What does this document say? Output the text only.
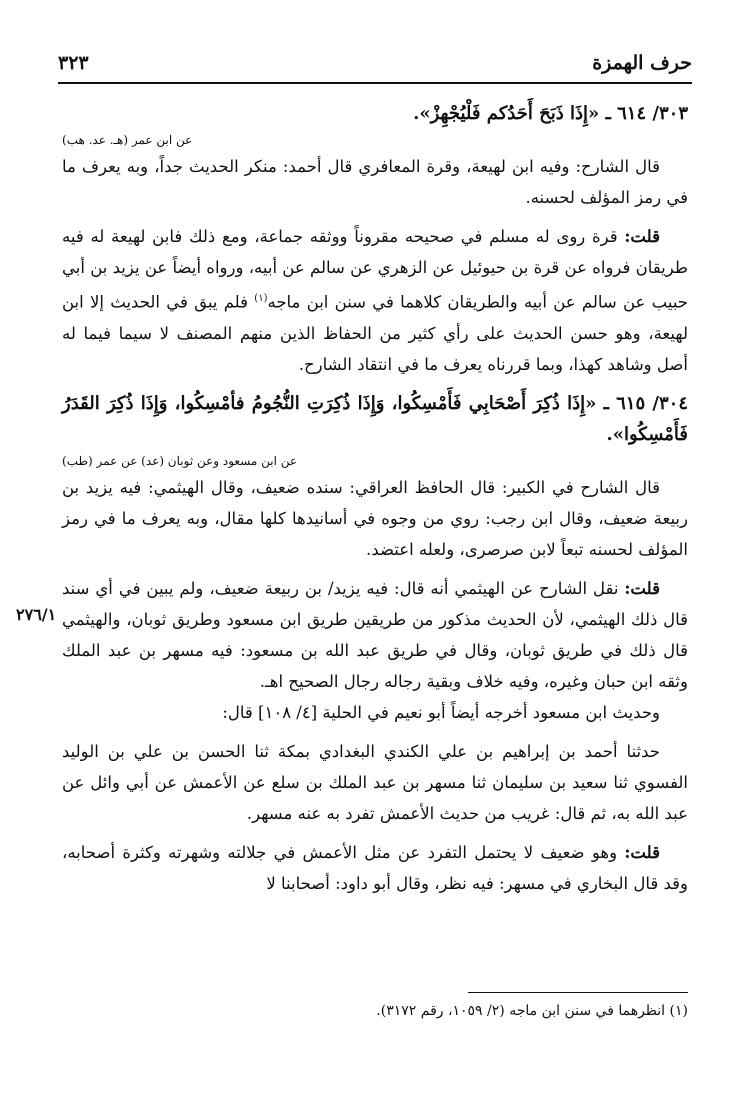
حرف الهمزة
٣٢٣
٢٧٦/١

٣٠٣/ ٦١٤ ـ «إِذَا ذَبَحَ أَحَدُكم فَلْيُجْهِزْ».

(هـ. عد. هب) عن ابن عمر

قال الشارح: وفيه ابن لهيعة، وقرة المعافري قال أحمد: منكر الحديث جداً، وبه يعرف ما في رمز المؤلف لحسنه.

قلت: قرة روى له مسلم في صحيحه مقروناً ووثقه جماعة، ومع ذلك فابن لهيعة له فيه طريقان فرواه عن قرة بن حيوئيل عن الزهري عن سالم عن أبيه، ورواه أيضاً عن يزيد بن أبي حبيب عن سالم عن أبيه والطريقان كلاهما في سنن ابن ماجه$^{(١)}$ فلم يبق في الحديث إلا ابن لهيعة، وهو حسن الحديث على رأي كثير من الحفاظ الذين منهم المصنف لا سيما فيما له أصل وشاهد كهذا، وبما قررناه يعرف ما في انتقاد الشارح.

٣٠٤/ ٦١٥ ـ «إِذَا ذُكِرَ أَصْحَابِي فَأَمْسِكُوا، وَإِذَا ذُكِرَتِ النُّجُومُ فأمْسِكُوا، وَإِذَا ذُكِرَ القَدَرُ فَأَمْسِكُوا».

(طب) عن ابن مسعود وعن ثوبان (عد) عن عمر

قال الشارح في الكبير: قال الحافظ العراقي: سنده ضعيف، وقال الهيثمي: فيه يزيد بن ربيعة ضعيف، وقال ابن رجب: روي من وجوه في أسانيدها كلها مقال، وبه يعرف ما في رمز المؤلف لحسنه تبعاً لابن صرصرى، ولعله اعتضد.

قلت: نقل الشارح عن الهيثمي أنه قال: فيه يزيد/ بن ربيعة ضعيف، ولم يبين في أي سند قال ذلك الهيثمي، لأن الحديث مذكور من طريقين طريق ابن مسعود وطريق ثوبان، والهيثمي قال ذلك في طريق ثوبان، وقال في طريق عبد الله بن مسعود: فيه مسهر بن عبد الملك وثقه ابن حبان وغيره، وفيه خلاف وبقية رجاله رجال الصحيح اهـ.

وحديث ابن مسعود أخرجه أيضاً أبو نعيم في الحلية [٤/ ١٠٨] قال:

حدثنا أحمد بن إبراهيم بن علي الكندي البغدادي بمكة ثنا الحسن بن علي بن الوليد الفسوي ثنا سعيد بن سليمان ثنا مسهر بن عبد الملك بن سلع عن الأعمش عن أبي وائل عن عبد الله به، ثم قال: غريب من حديث الأعمش تفرد به عنه مسهر.

قلت: وهو ضعيف لا يحتمل التفرد عن مثل الأعمش في جلالته وشهرته وكثرة أصحابه، وقد قال البخاري في مسهر: فيه نظر، وقال أبو داود: أصحابنا لا

(١) انظرهما في سنن ابن ماجه (٢/ ١٠٥٩، رقم ٣١٧٢).
